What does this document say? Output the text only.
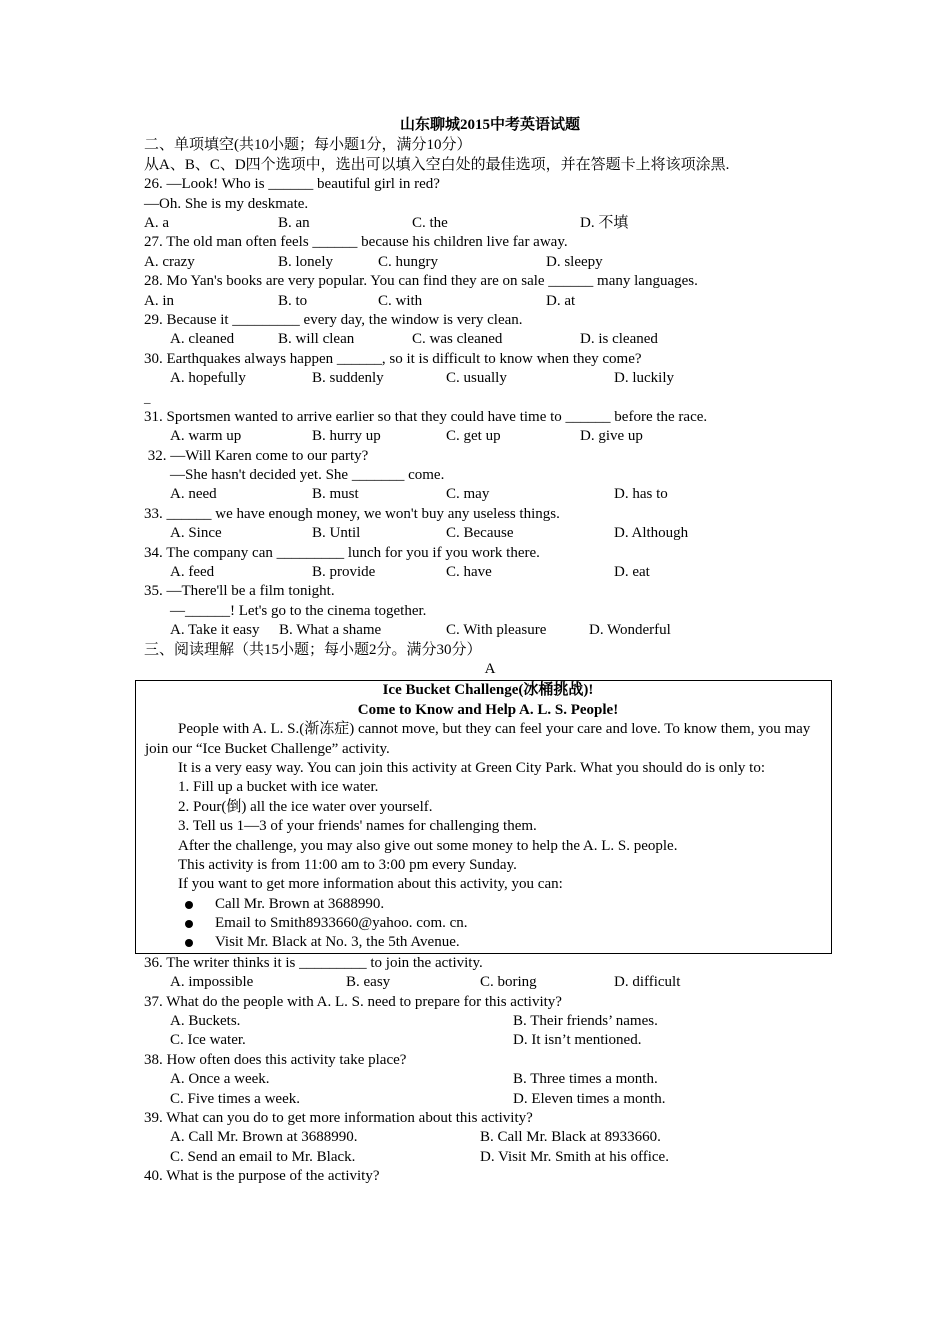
山东聊城2015中考英语试题
二、单项填空(共10小题；每小题1分，满分10分）
从A、B、C、D四个选项中，选出可以填入空白处的最佳选项，并在答题卡上将该项涂黑.
26. —Look! Who is ______ beautiful girl in red?
—Oh. She is my deskmate.
A. a	B. an	C. the	D. 不填
27. The old man often feels ______ because his children live far away.
A. crazy	B. lonely	C. hungry	D. sleepy
28. Mo Yan's books are very popular. You can find they are on sale ______ many languages.
A. in	B. to	C. with	D. at
29. Because it _________ every day, the window is very clean.
A. cleaned	B. will clean	C. was cleaned	D. is cleaned
30. Earthquakes always happen ______, so it is difficult to know when they come?
A. hopefully	B. suddenly	C. usually	D. luckily
_
31. Sportsmen wanted to arrive earlier so that they could have time to ______ before the race.
A. warm up	B. hurry up	C. get up	D. give up
32. —Will Karen come to our party?
—She hasn't decided yet. She _______ come.
A. need	B. must	C. may	D. has to
33. ______ we have enough money, we won't buy any useless things.
A. Since	B. Until	C. Because	D. Although
34. The company can _________ lunch for you if you work there.
A. feed	B. provide	C. have	D. eat
35. —There'll be a film tonight.
—______! Let's go to the cinema together.
A. Take it easy	B. What a shame	C. With pleasure	D. Wonderful
三、阅读理解（共15小题；每小题2分。满分30分）
A
Ice Bucket Challenge(冰桶挑战)!
Come to Know and Help A. L. S. People!

People with A. L. S.(渐冻症) cannot move, but they can feel your care and love. To know them, you may join our “Ice Bucket Challenge” activity.

It is a very easy way. You can join this activity at Green City Park. What you should do is only to:

1. Fill up a bucket with ice water.
2. Pour(倒) all the ice water over yourself.
3. Tell us 1—3 of your friends' names for challenging them.
After the challenge, you may also give out some money to help the A. L. S. people.
This activity is from 11:00 am to 3:00 pm every Sunday.
If you want to get more information about this activity, you can:
Call Mr. Brown at 3688990.
Email to Smith8933660@yahoo. com. cn.
Visit Mr. Black at No. 3, the 5th Avenue.
36. The writer thinks it is _________ to join the activity.
A. impossible	B. easy	C. boring	D. difficult
37. What do the people with A. L. S. need to prepare for this activity?
A. Buckets.	B. Their friends’ names.
C. Ice water.	D. It isn’t mentioned.
38. How often does this activity take place?
A. Once a week.	B. Three times a month.
C. Five times a week.	D. Eleven times a month.
39. What can you do to get more information about this activity?
A. Call Mr. Brown at 3688990.	B. Call Mr. Black at 8933660.
C. Send an email to Mr. Black.	D. Visit Mr. Smith at his office.
40. What is the purpose of the activity?
